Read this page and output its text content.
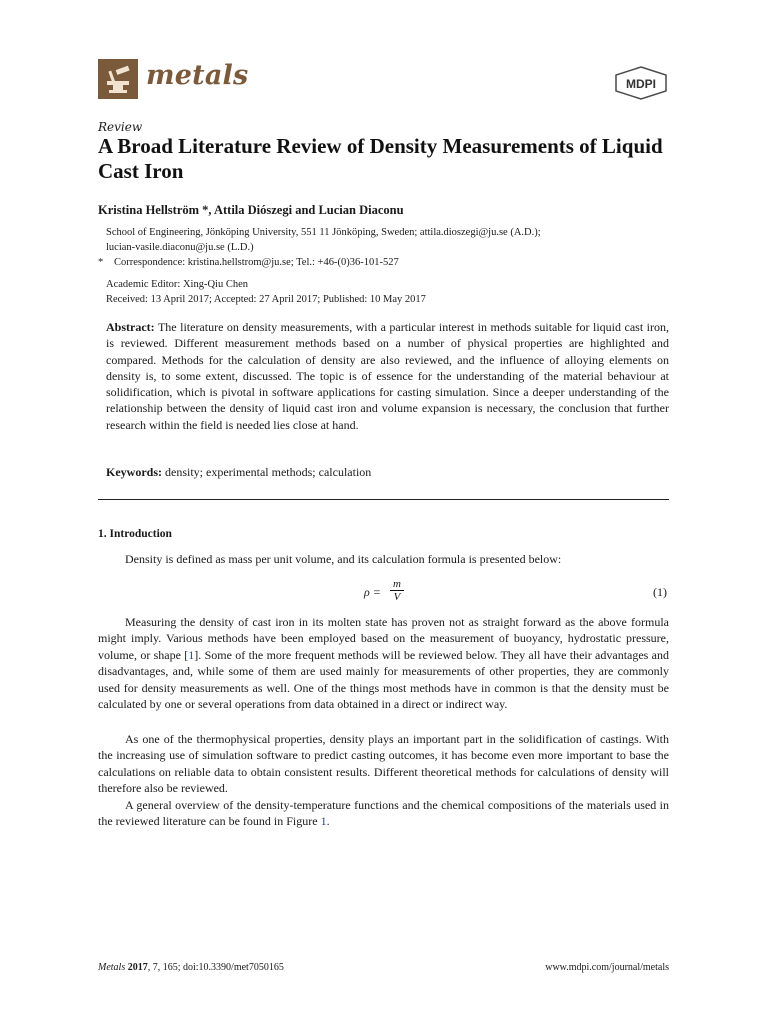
metals	MDPI
Review
A Broad Literature Review of Density Measurements of Liquid Cast Iron
Kristina Hellström *, Attila Diószegi and Lucian Diaconu
School of Engineering, Jönköping University, 551 11 Jönköping, Sweden; attila.dioszegi@ju.se (A.D.);
lucian-vasile.diaconu@ju.se (L.D.)
* Correspondence: kristina.hellstrom@ju.se; Tel.: +46-(0)36-101-527
Academic Editor: Xing-Qiu Chen
Received: 13 April 2017; Accepted: 27 April 2017; Published: 10 May 2017
Abstract: The literature on density measurements, with a particular interest in methods suitable for liquid cast iron, is reviewed. Different measurement methods based on a number of physical properties are highlighted and compared. Methods for the calculation of density are also reviewed, and the influence of alloying elements on density is, to some extent, discussed. The topic is of essence for the understanding of the material behaviour at solidification, which is pivotal in software applications for casting simulation. Since a deeper understanding of the relationship between the density of liquid cast iron and volume expansion is necessary, the conclusion that further research within the field is needed lies close at hand.
Keywords: density; experimental methods; calculation
1. Introduction
Density is defined as mass per unit volume, and its calculation formula is presented below:
$\rho = \frac{m}{V}$	(1)
Measuring the density of cast iron in its molten state has proven not as straight forward as the above formula might imply. Various methods have been employed based on the measurement of buoyancy, hydrostatic pressure, volume, or shape [1]. Some of the more frequent methods will be reviewed below. They all have their advantages and disadvantages, and, while some of them are used mainly for measurements of other properties, they are commonly used for density measurements as well. One of the things most methods have in common is that the density must be calculated by one or several operations from data obtained in a direct or indirect way.
As one of the thermophysical properties, density plays an important part in the solidification of castings. With the increasing use of simulation software to predict casting outcomes, it has become even more important to base the calculations on reliable data to obtain consistent results. Different theoretical methods for calculations of density will therefore also be reviewed.
A general overview of the density-temperature functions and the chemical compositions of the materials used in the reviewed literature can be found in Figure 1.
Metals 2017, 7, 165; doi:10.3390/met7050165	www.mdpi.com/journal/metals
